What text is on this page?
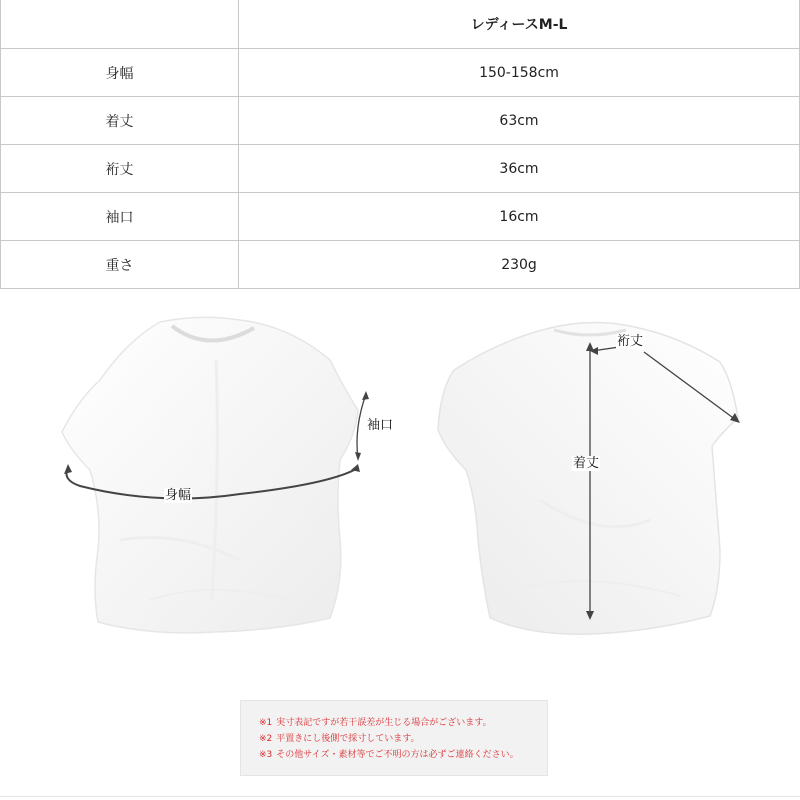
	レディースM-L
身幅	150-158cm
着丈	63cm
裄丈	36cm
袖口	16cm
重さ	230g
袖口
身幅
裄丈
着丈
※1 実寸表記ですが若干誤差が生じる場合がございます。
※2 平置きにし後側で採寸しています。
※3 その他サイズ・素材等でご不明の方は必ずご連絡ください。
